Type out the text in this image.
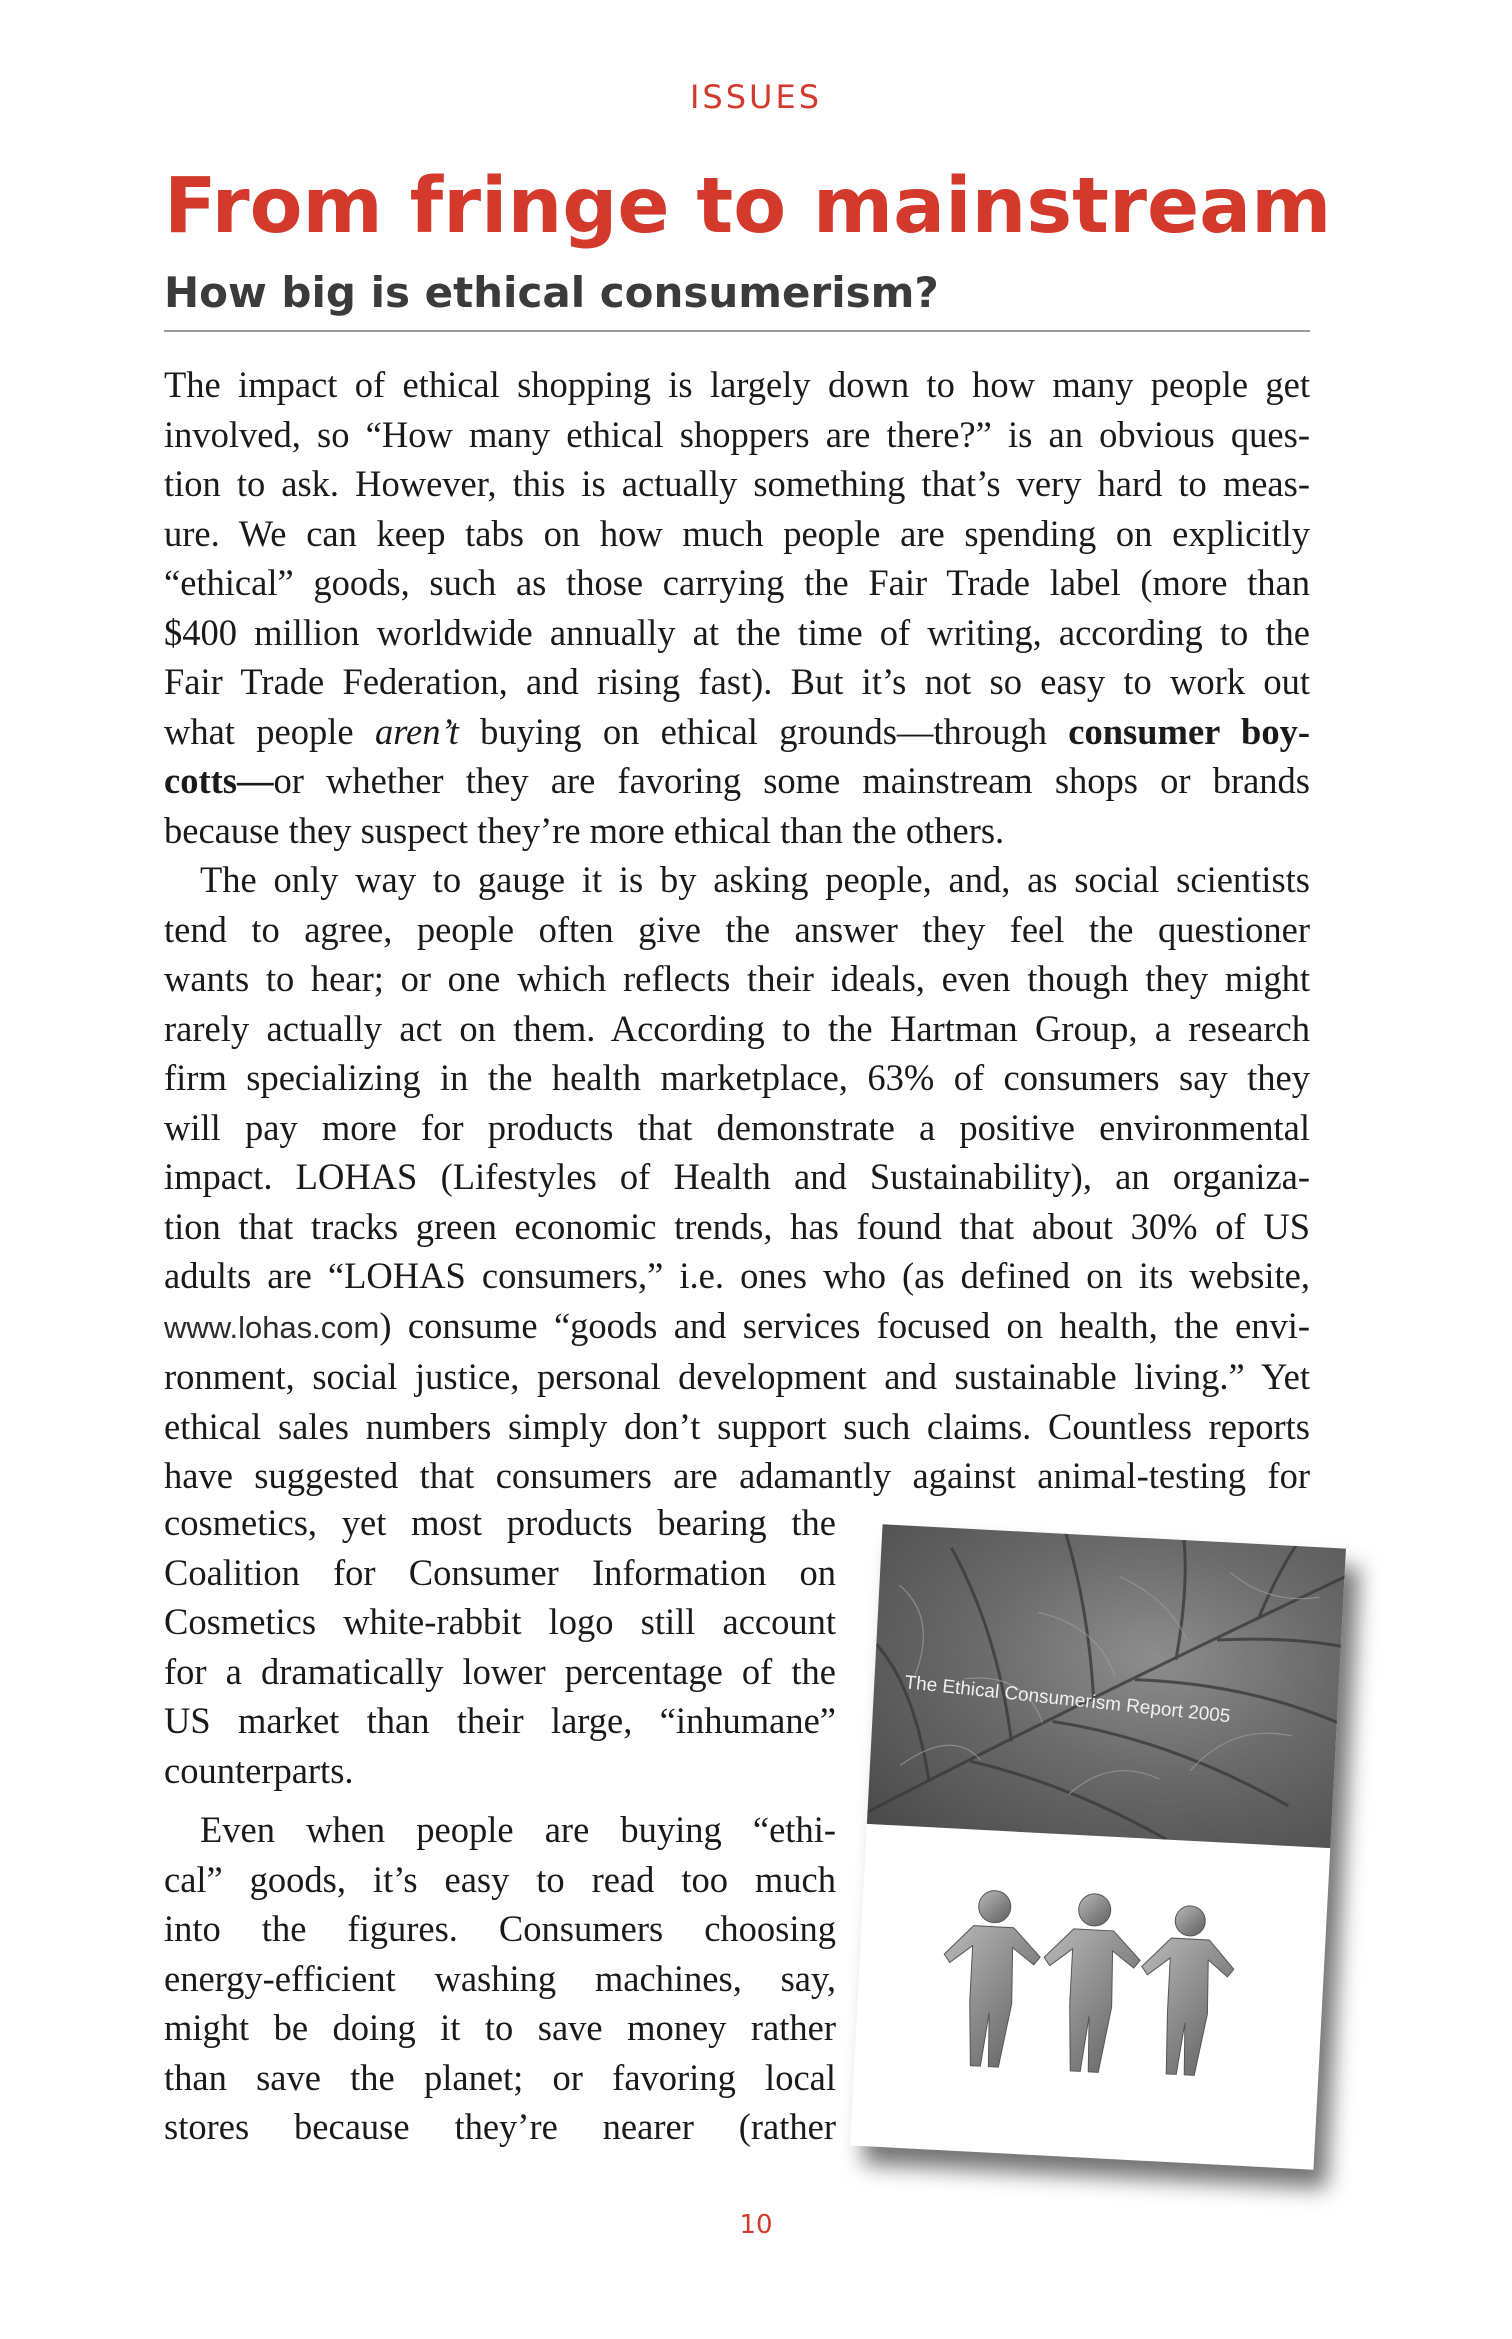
ISSUES
From fringe to mainstream
How big is ethical consumerism?
The impact of ethical shopping is largely down to how many people get
involved, so “How many ethical shoppers are there?” is an obvious ques-
tion to ask. However, this is actually something that’s very hard to meas-
ure. We can keep tabs on how much people are spending on explicitly
“ethical” goods, such as those carrying the Fair Trade label (more than
$400 million worldwide annually at the time of writing, according to the
Fair Trade Federation, and rising fast). But it’s not so easy to work out
what people aren’t buying on ethical grounds—through consumer boy-
cotts—or whether they are favoring some mainstream shops or brands
because they suspect they’re more ethical than the others.
The only way to gauge it is by asking people, and, as social scientists
tend to agree, people often give the answer they feel the questioner
wants to hear; or one which reflects their ideals, even though they might
rarely actually act on them. According to the Hartman Group, a research
firm specializing in the health marketplace, 63% of consumers say they
will pay more for products that demonstrate a positive environmental
impact. LOHAS (Lifestyles of Health and Sustainability), an organiza-
tion that tracks green economic trends, has found that about 30% of US
adults are “LOHAS consumers,” i.e. ones who (as defined on its website,
www.lohas.com) consume “goods and services focused on health, the envi-
ronment, social justice, personal development and sustainable living.” Yet
ethical sales numbers simply don’t support such claims. Countless reports
have suggested that consumers are adamantly against animal-testing for
cosmetics, yet most products bearing the
Coalition for Consumer Information on
Cosmetics white-rabbit logo still account
for a dramatically lower percentage of the
US market than their large, “inhumane”
counterparts.
Even when people are buying “ethi-
cal” goods, it’s easy to read too much
into the figures. Consumers choosing
energy-efficient washing machines, say,
might be doing it to save money rather
than save the planet; or favoring local
stores because they’re nearer (rather
The Ethical Consumerism Report 2005
10
